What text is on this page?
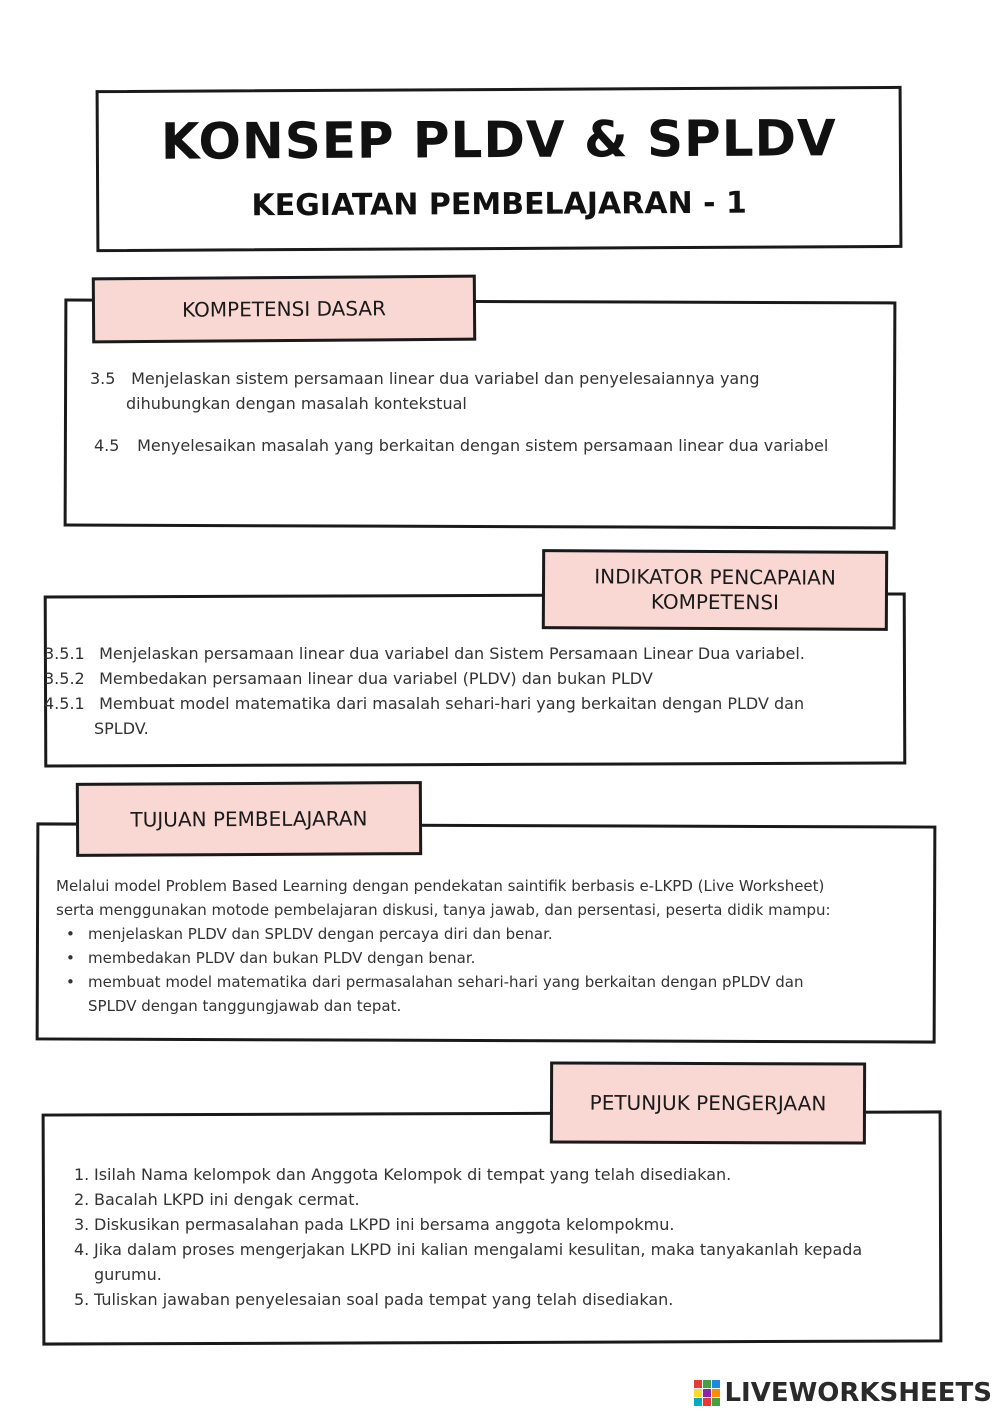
KONSEP PLDV & SPLDV
KEGIATAN PEMBELAJARAN - 1
KOMPETENSI DASAR
3.5 Menjelaskan sistem persamaan linear dua variabel dan penyelesaiannya yang
dihubungkan dengan masalah kontekstual
4.5 Menyelesaikan masalah yang berkaitan dengan sistem persamaan linear dua variabel
INDIKATOR PENCAPAIAN
KOMPETENSI
3.5.1 Menjelaskan persamaan linear dua variabel dan Sistem Persamaan Linear Dua variabel.
3.5.2 Membedakan persamaan linear dua variabel (PLDV) dan bukan PLDV
4.5.1 Membuat model matematika dari masalah sehari-hari yang berkaitan dengan PLDV dan
SPLDV.
TUJUAN PEMBELAJARAN
Melalui model Problem Based Learning dengan pendekatan saintifik berbasis e-LKPD (Live Worksheet)
serta menggunakan motode pembelajaran diskusi, tanya jawab, dan persentasi, peserta didik mampu:
• menjelaskan PLDV dan SPLDV dengan percaya diri dan benar.
• membedakan PLDV dan bukan PLDV dengan benar.
• membuat model matematika dari permasalahan sehari-hari yang berkaitan dengan pPLDV dan
SPLDV dengan tanggungjawab dan tepat.
PETUNJUK PENGERJAAN
1. Isilah Nama kelompok dan Anggota Kelompok di tempat yang telah disediakan.
2. Bacalah LKPD ini dengak cermat.
3. Diskusikan permasalahan pada LKPD ini bersama anggota kelompokmu.
4. Jika dalam proses mengerjakan LKPD ini kalian mengalami kesulitan, maka tanyakanlah kepada
gurumu.
5. Tuliskan jawaban penyelesaian soal pada tempat yang telah disediakan.
LIVEWORKSHEETS
